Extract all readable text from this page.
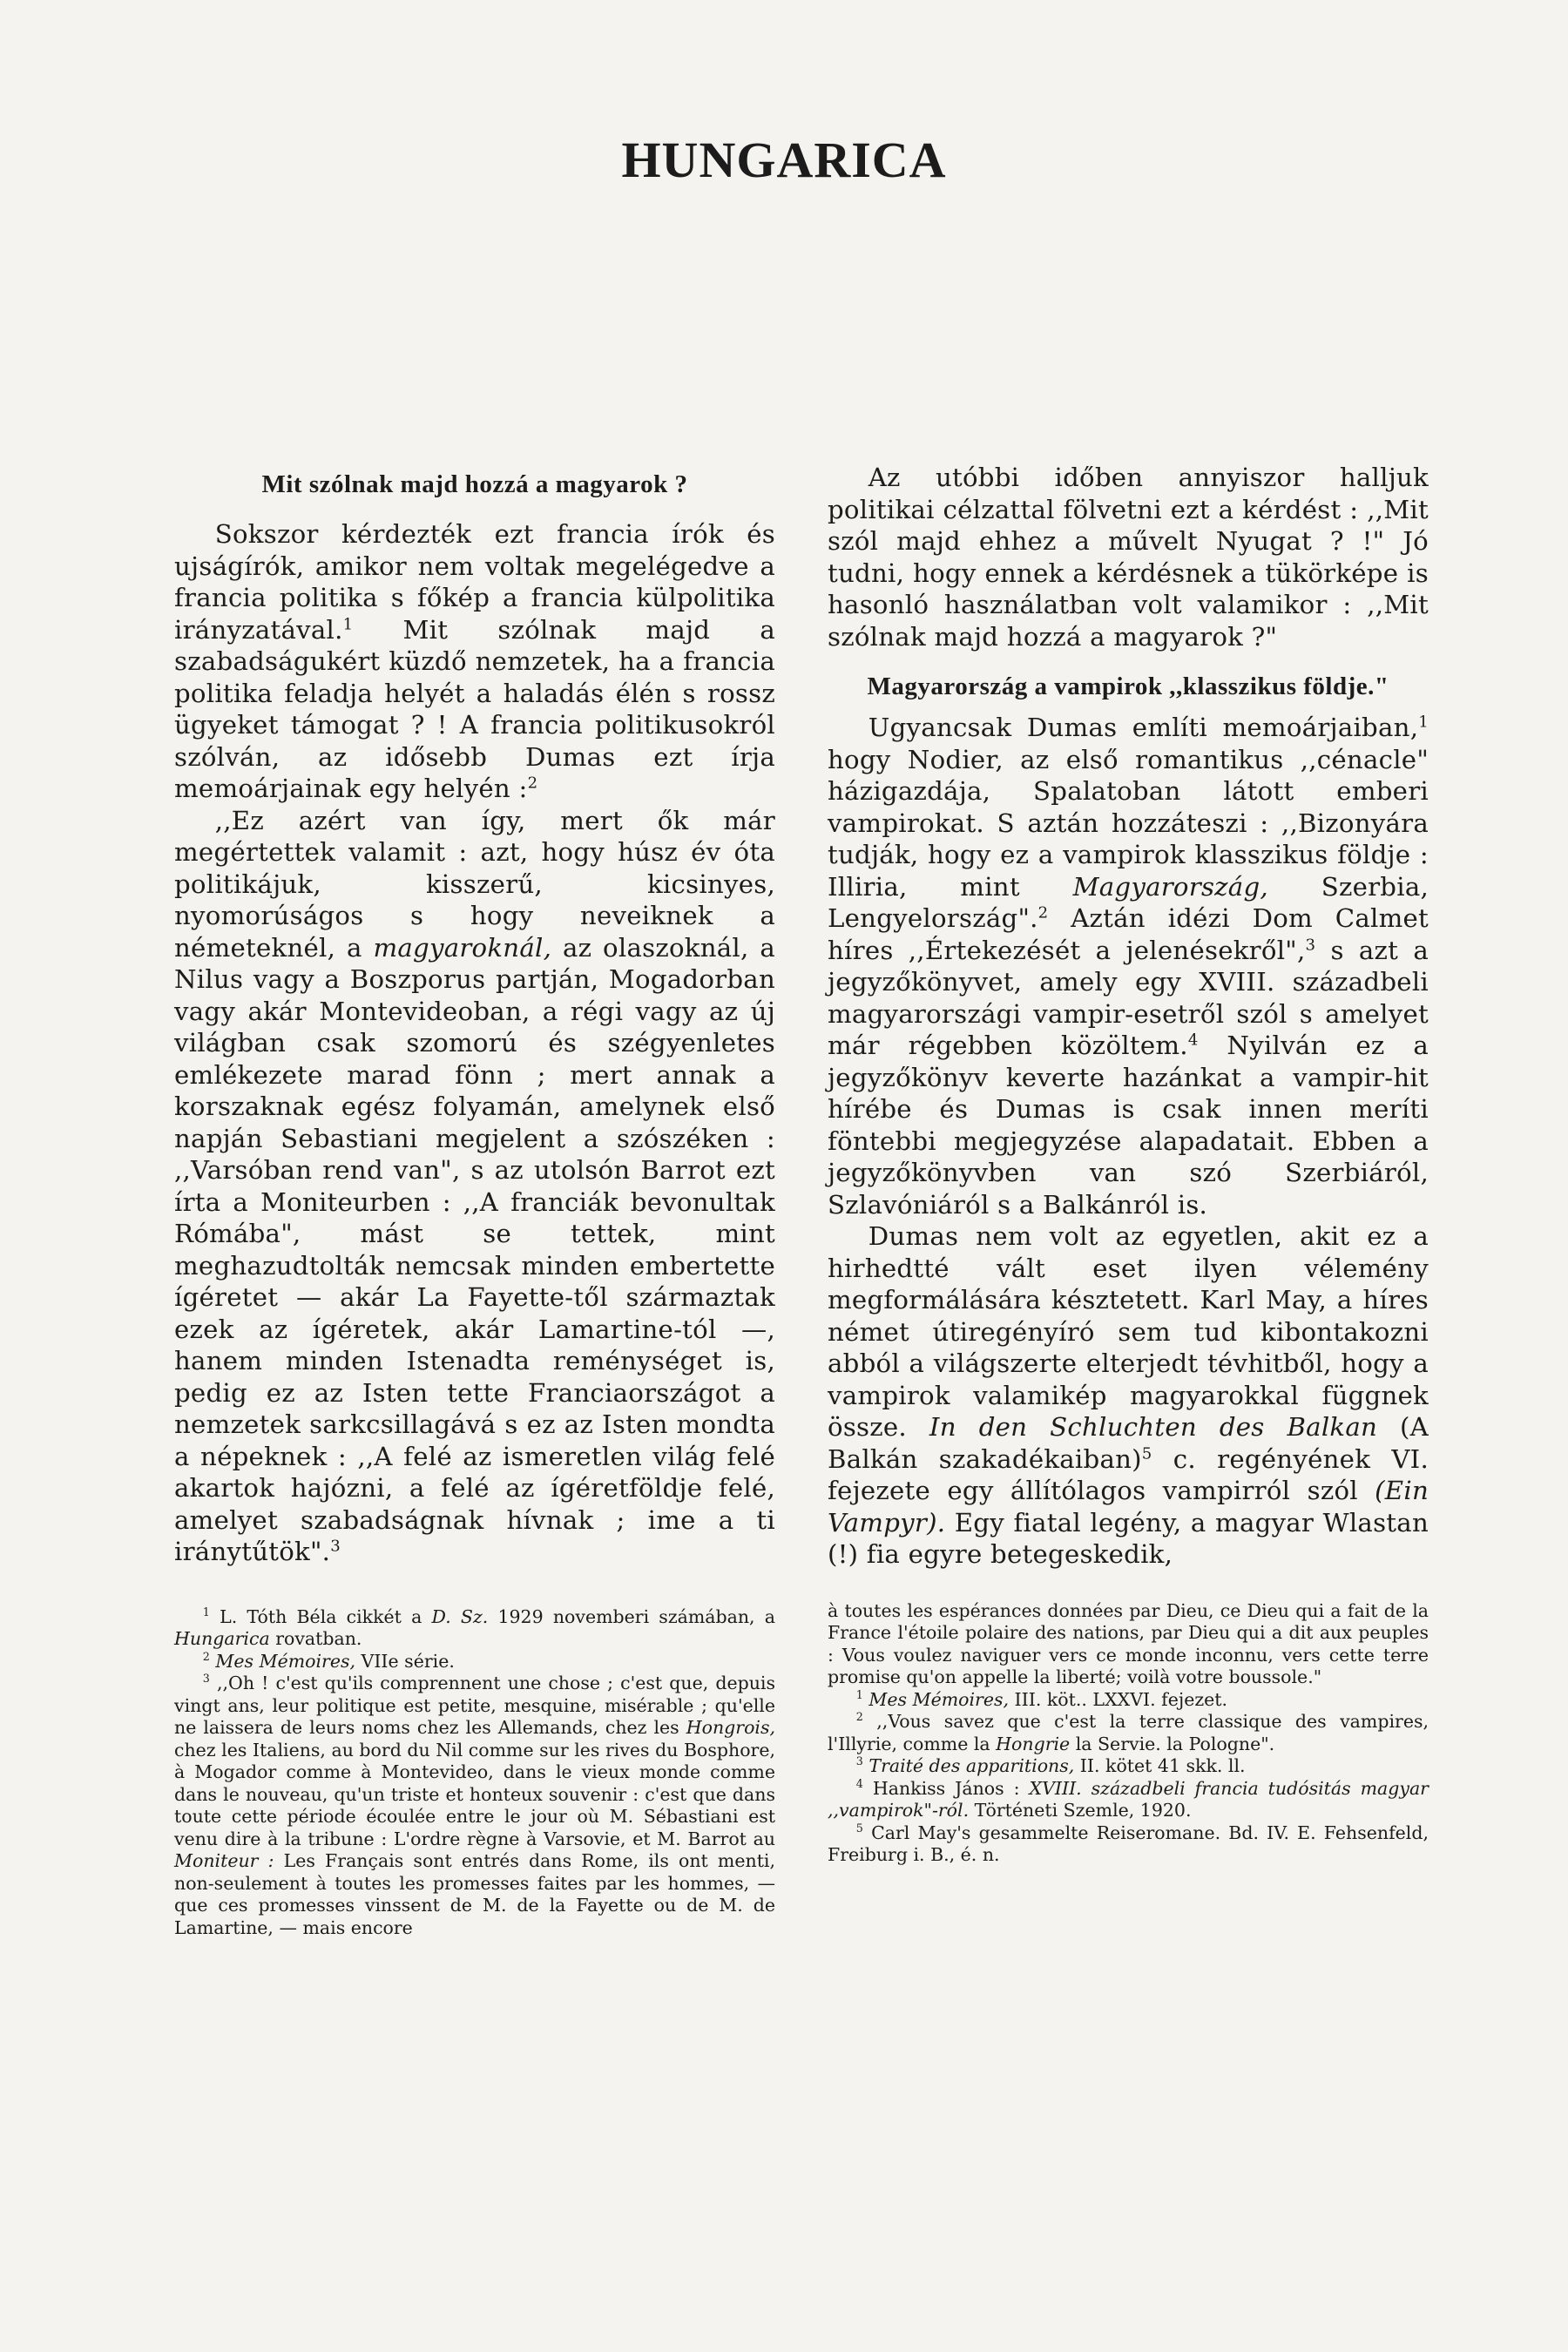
HUNGARICA
Mit szólnak majd hozzá a magyarok ?

Sokszor kérdezték ezt francia írók és ujságírók, amikor nem voltak megelégedve a francia politika s főkép a francia külpolitika irányzatával.$^1$ Mit szólnak majd a szabadságukért küzdő nemzetek, ha a francia politika feladja helyét a haladás élén s rossz ügyeket támogat ? ! A francia politikusokról szólván, az idősebb Dumas ezt írja memoárjainak egy helyén :$^2$

,,Ez azért van így, mert ők már megértettek valamit : azt, hogy húsz év óta politikájuk, kisszerű, kicsinyes, nyomorúságos s hogy neveiknek a németeknél, a magyaroknál, az olaszoknál, a Nilus vagy a Boszporus partján, Mogadorban vagy akár Montevideoban, a régi vagy az új világban csak szomorú és szégyenletes emlékezete marad fönn ; mert annak a korszaknak egész folyamán, amelynek első napján Sebastiani megjelent a szószéken : ,,Varsóban rend van", s az utolsón Barrot ezt írta a Moniteurben : ,,A franciák bevonultak Rómába", mást se tettek, mint meghazudtolták nemcsak minden embertette ígéretet — akár La Fayette-től származtak ezek az ígéretek, akár Lamartine-tól —, hanem minden Istenadta reménységet is, pedig ez az Isten tette Franciaországot a nemzetek sarkcsillagává s ez az Isten mondta a népeknek : ,,A felé az ismeretlen világ felé akartok hajózni, a felé az ígéretföldje felé, amelyet szabadságnak hívnak ; ime a ti iránytűtök".$^3$

$^1$ L. Tóth Béla cikkét a D. Sz. 1929 novemberi számában, a Hungarica rovatban.

$^2$ Mes Mémoires, VIIe série.

$^3$ ,,Oh ! c'est qu'ils comprennent une chose ; c'est que, depuis vingt ans, leur politique est petite, mesquine, misérable ; qu'elle ne laissera de leurs noms chez les Allemands, chez les Hongrois, chez les Italiens, au bord du Nil comme sur les rives du Bosphore, à Mogador comme à Montevideo, dans le vieux monde comme dans le nouveau, qu'un triste et honteux souvenir : c'est que dans toute cette période écoulée entre le jour où M. Sébastiani est venu dire à la tribune : L'ordre règne à Varsovie, et M. Barrot au Moniteur : Les Français sont entrés dans Rome, ils ont menti, non-seulement à toutes les promesses faites par les hommes, — que ces promesses vinssent de M. de la Fayette ou de M. de Lamartine, — mais encore

Az utóbbi időben annyiszor halljuk politikai célzattal fölvetni ezt a kérdést : ,,Mit szól majd ehhez a művelt Nyugat ? !" Jó tudni, hogy ennek a kérdésnek a tükörképe is hasonló használatban volt valamikor : ,,Mit szólnak majd hozzá a magyarok ?"

Magyarország a vampirok ,,klasszikus földje."

Ugyancsak Dumas említi memoárjaiban,$^1$ hogy Nodier, az első romantikus ,,cénacle" házigazdája, Spalatoban látott emberi vampirokat. S aztán hozzáteszi : ,,Bizonyára tudják, hogy ez a vampirok klasszikus földje : Illiria, mint Magyarország, Szerbia, Lengyelország".$^2$ Aztán idézi Dom Calmet híres ,,Értekezését a jelenésekről",$^3$ s azt a jegyzőkönyvet, amely egy XVIII. századbeli magyarországi vampir-esetről szól s amelyet már régebben közöltem.$^4$ Nyilván ez a jegyzőkönyv keverte hazánkat a vampir-hit hírébe és Dumas is csak innen meríti föntebbi megjegyzése alapadatait. Ebben a jegyzőkönyvben van szó Szerbiáról, Szlavóniáról s a Balkánról is.

Dumas nem volt az egyetlen, akit ez a hirhedtté vált eset ilyen vélemény megformálására késztetett. Karl May, a híres német útiregényíró sem tud kibontakozni abból a világszerte elterjedt tévhitből, hogy a vampirok valamikép magyarokkal függnek össze. In den Schluchten des Balkan (A Balkán szakadékaiban)$^5$ c. regényének VI. fejezete egy állítólagos vampirról szól (Ein Vampyr). Egy fiatal legény, a magyar Wlastan (!) fia egyre betegeskedik,

à toutes les espérances données par Dieu, ce Dieu qui a fait de la France l'étoile polaire des nations, par Dieu qui a dit aux peuples : Vous voulez naviguer vers ce monde inconnu, vers cette terre promise qu'on appelle la liberté; voilà votre boussole."

$^1$ Mes Mémoires, III. köt.. LXXVI. fejezet.

$^2$ ,,Vous savez que c'est la terre classique des vampires, l'Illyrie, comme la Hongrie la Servie. la Pologne".

$^3$ Traité des apparitions, II. kötet 41 skk. ll.

$^4$ Hankiss János : XVIII. századbeli francia tudósitás magyar ,,vampirok"-ról. Történeti Szemle, 1920.

$^5$ Carl May's gesammelte Reiseromane. Bd. IV. E. Fehsenfeld, Freiburg i. B., é. n.
